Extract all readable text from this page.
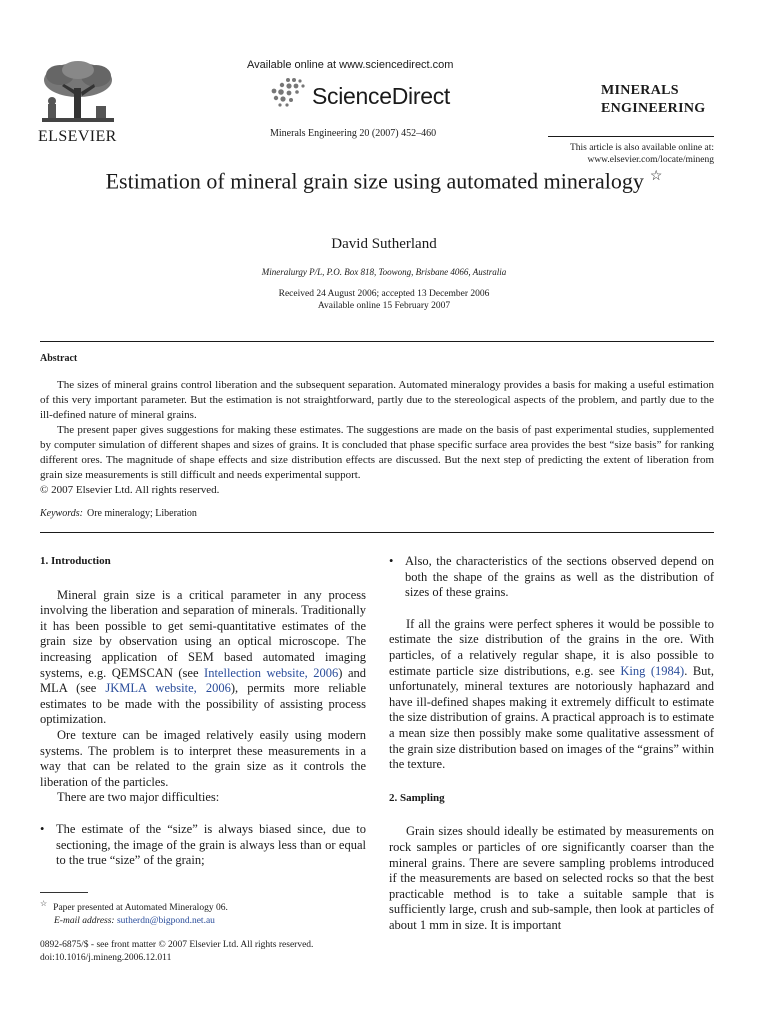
ELSEVIER
Available online at www.sciencedirect.com
ScienceDirect
Minerals Engineering 20 (2007) 452–460
MINERALS
ENGINEERING
This article is also available online at:
www.elsevier.com/locate/mineng
Estimation of mineral grain size using automated mineralogy ☆
David Sutherland
Mineralurgy P/L, P.O. Box 818, Toowong, Brisbane 4066, Australia
Received 24 August 2006; accepted 13 December 2006
Available online 15 February 2007
Abstract

The sizes of mineral grains control liberation and the subsequent separation. Automated mineralogy provides a basis for making a useful estimation of this very important parameter. But the estimation is not straightforward, partly due to the stereological aspects of the problem, and partly due to the ill-defined nature of mineral grains.

The present paper gives suggestions for making these estimates. The suggestions are made on the basis of past experimental studies, supplemented by computer simulation of different shapes and sizes of grains. It is concluded that phase specific surface area provides the best “size basis” for ranking different ores. The magnitude of shape effects and size distribution effects are discussed. But the next step of predicting the extent of liberation from grain size measurements is still difficult and needs experimental support.

© 2007 Elsevier Ltd. All rights reserved.
Keywords: Ore mineralogy; Liberation
1. Introduction

Mineral grain size is a critical parameter in any process involving the liberation and separation of minerals. Traditionally it has been possible to get semi-quantitative estimates of the grain size by observation using an optical microscope. The increasing application of SEM based automated imaging systems, e.g. QEMSCAN (see Intellection website, 2006) and MLA (see JKMLA website, 2006), permits more reliable estimates to be made with the possibility of assisting process optimization.

Ore texture can be imaged relatively easily using modern systems. The problem is to interpret these measurements in a way that can be related to the grain size as it controls the liberation of the particles.

There are two major difficulties:

• The estimate of the “size” is always biased since, due to sectioning, the image of the grain is always less than or equal to the true “size” of the grain;
• Also, the characteristics of the sections observed depend on both the shape of the grains as well as the distribution of sizes of these grains.

If all the grains were perfect spheres it would be possible to estimate the size distribution of the grains in the ore. With particles, of a relatively regular shape, it is also possible to estimate particle size distributions, e.g. see King (1984). But, unfortunately, mineral textures are notoriously haphazard and have ill-defined shapes making it extremely difficult to estimate the size distribution of grains. A practical approach is to estimate a mean size then possibly make some qualitative assessment of the grain size distribution based on images of the “grains” within the texture.

2. Sampling

Grain sizes should ideally be estimated by measurements on rock samples or particles of ore significantly coarser than the mineral grains. There are severe sampling problems introduced if the measurements are based on selected rocks so that the best practicable method is to take a suitable sample that is sufficiently large, crush and sub-sample, then look at particles of about 1 mm in size. It is important

☆ Paper presented at Automated Mineralogy 06.
E-mail address: sutherdn@bigpond.net.au
0892-6875/$ - see front matter © 2007 Elsevier Ltd. All rights reserved.
doi:10.1016/j.mineng.2006.12.011
